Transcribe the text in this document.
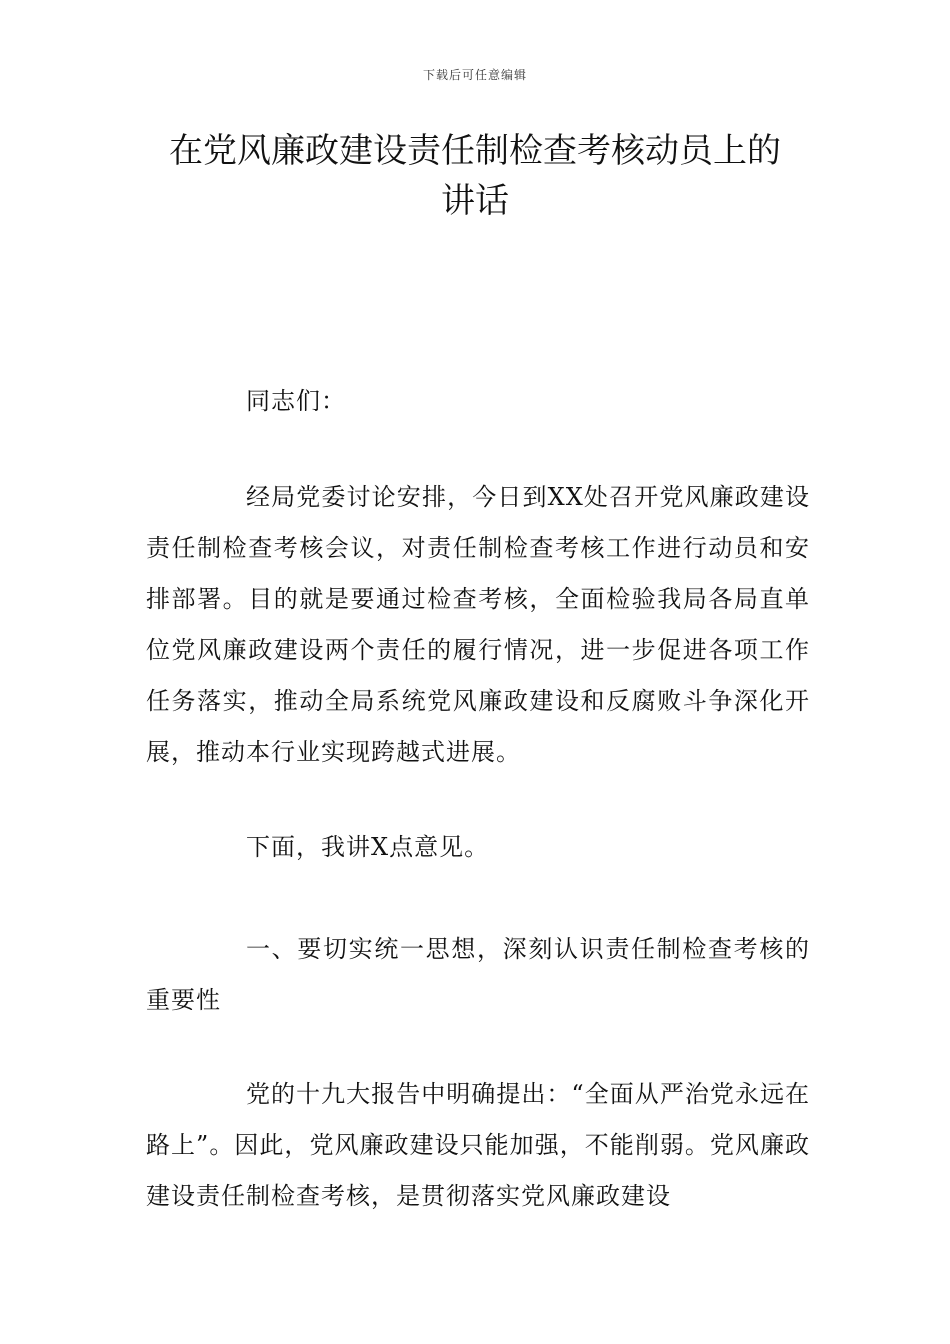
下载后可任意编辑
在党风廉政建设责任制检查考核动员上的
讲话

同志们：

经局党委讨论安排，今日到XX处召开党风廉政建设责任制检查考核会议，对责任制检查考核工作进行动员和安排部署。目的就是要通过检查考核，全面检验我局各局直单位党风廉政建设两个责任的履行情况，进一步促进各项工作任务落实，推动全局系统党风廉政建设和反腐败斗争深化开展，推动本行业实现跨越式进展。

下面，我讲X点意见。

一、要切实统一思想，深刻认识责任制检查考核的重要性

党的十九大报告中明确提出：“全面从严治党永远在路上”。因此，党风廉政建设只能加强，不能削弱。党风廉政建设责任制检查考核，是贯彻落实党风廉政建设
